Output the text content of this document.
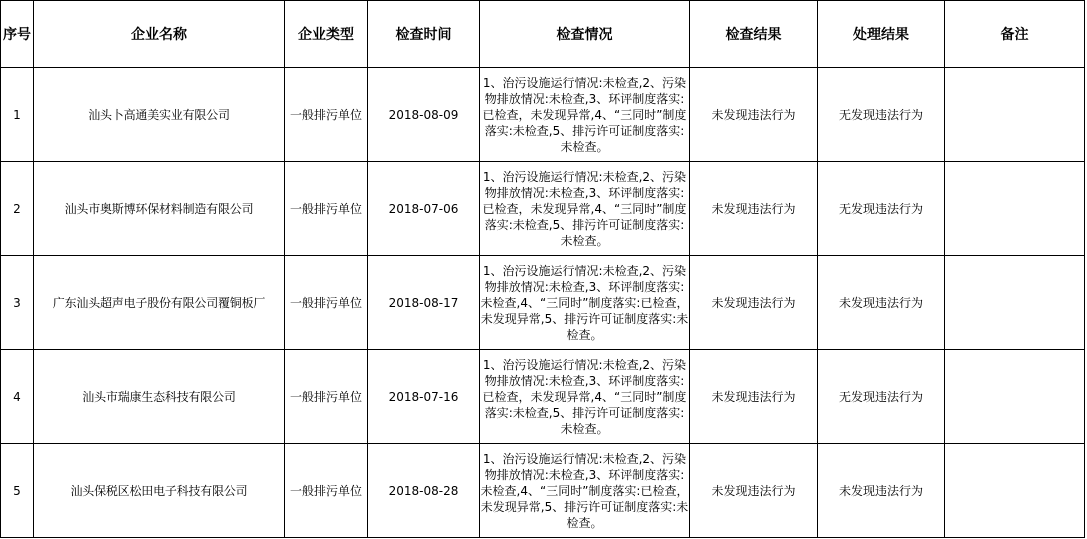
序号	企业名称	企业类型	检查时间	检查情况	检查结果	处理结果	备注
1	汕头卜高通美实业有限公司	一般排污单位	2018-08-09	1、治污设施运行情况:未检查,2、污染物排放情况:未检查,3、环评制度落实:已检查，未发现异常,4、“三同时”制度落实:未检查,5、排污许可证制度落实:未检查。	未发现违法行为	无发现违法行为	
2	汕头市奥斯博环保材料制造有限公司	一般排污单位	2018-07-06	1、治污设施运行情况:未检查,2、污染物排放情况:未检查,3、环评制度落实:已检查，未发现异常,4、“三同时”制度落实:未检查,5、排污许可证制度落实:未检查。	未发现违法行为	无发现违法行为	
3	广东汕头超声电子股份有限公司覆铜板厂	一般排污单位	2018-08-17	1、治污设施运行情况:未检查,2、污染物排放情况:未检查,3、环评制度落实:未检查,4、“三同时”制度落实:已检查，未发现异常,5、排污许可证制度落实:未检查。	未发现违法行为	未发现违法行为	
4	汕头市瑞康生态科技有限公司	一般排污单位	2018-07-16	1、治污设施运行情况:未检查,2、污染物排放情况:未检查,3、环评制度落实:已检查，未发现异常,4、“三同时”制度落实:未检查,5、排污许可证制度落实:未检查。	未发现违法行为	无发现违法行为	
5	汕头保税区松田电子科技有限公司	一般排污单位	2018-08-28	1、治污设施运行情况:未检查,2、污染物排放情况:未检查,3、环评制度落实:未检查,4、“三同时”制度落实:已检查，未发现异常,5、排污许可证制度落实:未检查。	未发现违法行为	未发现违法行为	
